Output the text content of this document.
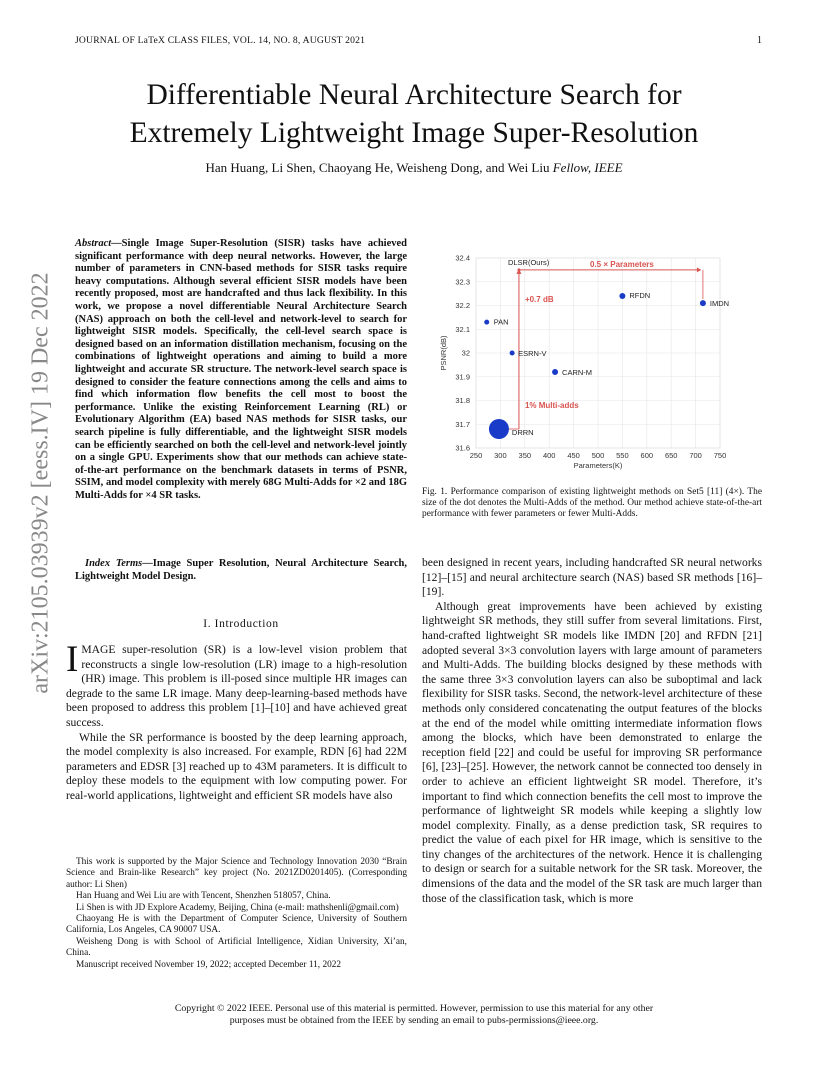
JOURNAL OF LaTeX CLASS FILES, VOL. 14, NO. 8, AUGUST 2021	1
arXiv:2105.03939v2 [eess.IV] 19 Dec 2022
Differentiable Neural Architecture Search for
Extremely Lightweight Image Super-Resolution
Han Huang, Li Shen, Chaoyang He, Weisheng Dong, and Wei Liu Fellow, IEEE
Abstract—Single Image Super-Resolution (SISR) tasks have achieved significant performance with deep neural networks. However, the large number of parameters in CNN-based methods for SISR tasks require heavy computations. Although several efficient SISR models have been recently proposed, most are handcrafted and thus lack flexibility. In this work, we propose a novel differentiable Neural Architecture Search (NAS) approach on both the cell-level and network-level to search for lightweight SISR models. Specifically, the cell-level search space is designed based on an information distillation mechanism, focusing on the combinations of lightweight operations and aiming to build a more lightweight and accurate SR structure. The network-level search space is designed to consider the feature connections among the cells and aims to find which information flow benefits the cell most to boost the performance. Unlike the existing Reinforcement Learning (RL) or Evolutionary Algorithm (EA) based NAS methods for SISR tasks, our search pipeline is fully differentiable, and the lightweight SISR models can be efficiently searched on both the cell-level and network-level jointly on a single GPU. Experiments show that our methods can achieve state-of-the-art performance on the benchmark datasets in terms of PSNR, SSIM, and model complexity with merely 68G Multi-Adds for ×2 and 18G Multi-Adds for ×4 SR tasks.
Index Terms—Image Super Resolution, Neural Architecture Search, Lightweight Model Design.
I. Introduction

IMAGE super-resolution (SR) is a low-level vision problem that reconstructs a single low-resolution (LR) image to a high-resolution (HR) image. This problem is ill-posed since multiple HR images can degrade to the same LR image. Many deep-learning-based methods have been proposed to address this problem [1]–[10] and have achieved great success.

While the SR performance is boosted by the deep learning approach, the model complexity is also increased. For example, RDN [6] had 22M parameters and EDSR [3] reached up to 43M parameters. It is difficult to deploy these models to the equipment with low computing power. For real-world applications, lightweight and efficient SR models have also

This work is supported by the Major Science and Technology Innovation 2030 “Brain Science and Brain-like Research” key project (No. 2021ZD0201405). (Corresponding author: Li Shen)

Han Huang and Wei Liu are with Tencent, Shenzhen 518057, China.

Li Shen is with JD Explore Academy, Beijing, China (e-mail: mathshenli@gmail.com)

Chaoyang He is with the Department of Computer Science, University of Southern California, Los Angeles, CA 90007 USA.

Weisheng Dong is with School of Artificial Intelligence, Xidian University, Xi’an, China.

Manuscript received November 19, 2022; accepted December 11, 2022

250 300 350 400 450 500 550 600 650 700 750
31.6
31.7
31.8
31.9
32
32.1
32.2
32.3
32.4
Parameters(K)
PSNR(dB)
0.5 × Parameters
+0.7 dB
1% Multi-adds
PAN
ESRN-V
CARN-M
RFDN
IMDN
DRRN
DLSR(Ours)
Fig. 1. Performance comparison of existing lightweight methods on Set5 [11] (4×). The size of the dot denotes the Multi-Adds of the method. Our method achieve state-of-the-art performance with fewer parameters or fewer Multi-Adds.

been designed in recent years, including handcrafted SR neural networks [12]–[15] and neural architecture search (NAS) based SR methods [16]–[19].

Although great improvements have been achieved by existing lightweight SR methods, they still suffer from several limitations. First, hand-crafted lightweight SR models like IMDN [20] and RFDN [21] adopted several 3×3 convolution layers with large amount of parameters and Multi-Adds. The building blocks designed by these methods with the same three 3×3 convolution layers can also be suboptimal and lack flexibility for SISR tasks. Second, the network-level architecture of these methods only considered concatenating the output features of the blocks at the end of the model while omitting intermediate information flows among the blocks, which have been demonstrated to enlarge the reception field [22] and could be useful for improving SR performance [6], [23]–[25]. However, the network cannot be connected too densely in order to achieve an efficient lightweight SR model. Therefore, it’s important to find which connection benefits the cell most to improve the performance of lightweight SR models while keeping a slightly low model complexity. Finally, as a dense prediction task, SR requires to predict the value of each pixel for HR image, which is sensitive to the tiny changes of the architectures of the network. Hence it is challenging to design or search for a suitable network for the SR task. Moreover, the dimensions of the data and the model of the SR task are much larger than those of the classification task, which is more

Copyright © 2022 IEEE. Personal use of this material is permitted. However, permission to use this material for any other purposes must be obtained from the IEEE by sending an email to pubs-permissions@ieee.org.
